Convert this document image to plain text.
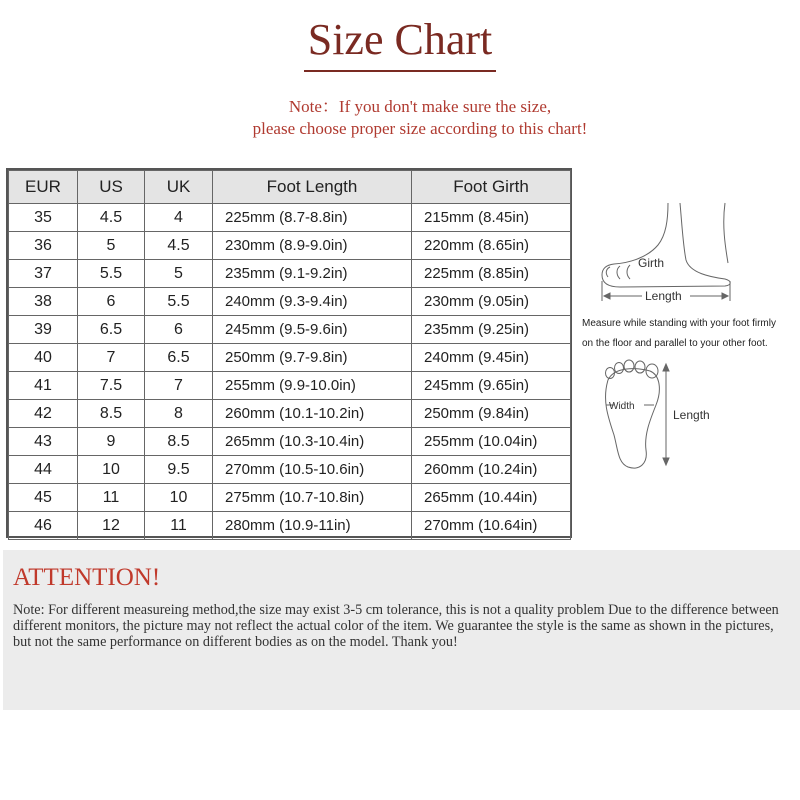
Size Chart
Note：If you don't make sure the size,
please choose proper size according to this chart!
EUR	US	UK	Foot Length	Foot Girth
35	4.5	4	225mm (8.7-8.8in)	215mm (8.45in)
36	5	4.5	230mm (8.9-9.0in)	220mm (8.65in)
37	5.5	5	235mm (9.1-9.2in)	225mm (8.85in)
38	6	5.5	240mm (9.3-9.4in)	230mm (9.05in)
39	6.5	6	245mm (9.5-9.6in)	235mm (9.25in)
40	7	6.5	250mm (9.7-9.8in)	240mm (9.45in)
41	7.5	7	255mm (9.9-10.0in)	245mm (9.65in)
42	8.5	8	260mm (10.1-10.2in)	250mm (9.84in)
43	9	8.5	265mm (10.3-10.4in)	255mm (10.04in)
44	10	9.5	270mm (10.5-10.6in)	260mm (10.24in)
45	11	10	275mm (10.7-10.8in)	265mm (10.44in)
46	12	11	280mm (10.9-11in)	270mm (10.64in)
Girth
Length
Width
Length
Measure while standing with your foot firmly
on the floor and parallel to your other foot.
ATTENTION!
Note: For different measureing method,the size may exist 3-5 cm tolerance, this is not a quality problem Due to the difference between different monitors, the picture may not reflect the actual color of the item. We guarantee the style is the same as shown in the pictures, but not the same performance on different bodies as on the model. Thank you!
